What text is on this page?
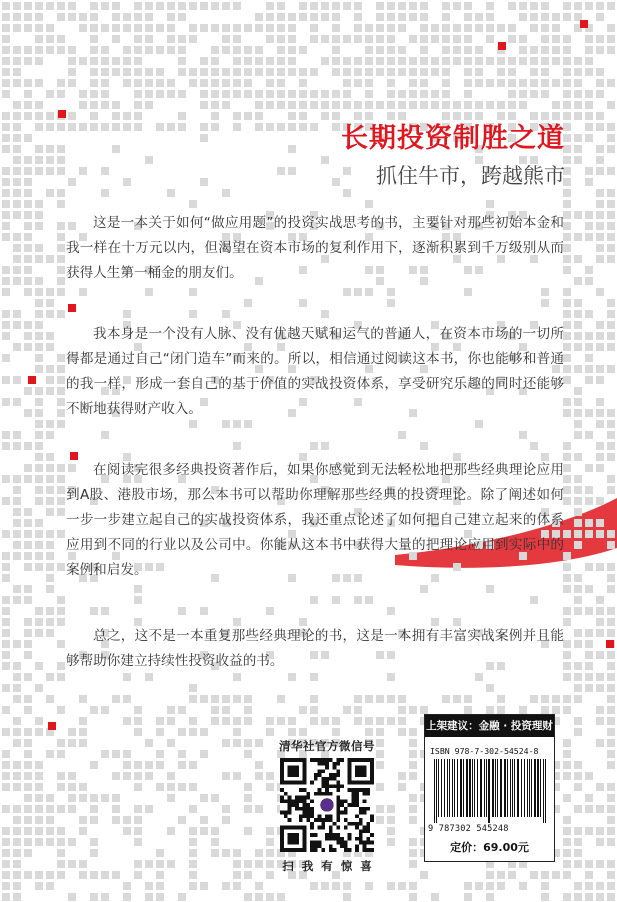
长期投资制胜之道
抓住牛市，跨越熊市

这是一本关于如何“做应用题”的投资实战思考的书，主要针对那些初始本金和我一样在十万元以内，但渴望在资本市场的复利作用下，逐渐积累到千万级别从而获得人生第一桶金的朋友们。

我本身是一个没有人脉、没有优越天赋和运气的普通人，在资本市场的一切所得都是通过自己“闭门造车”而来的。所以，相信通过阅读这本书，你也能够和普通的我一样，形成一套自己的基于价值的实战投资体系，享受研究乐趣的同时还能够不断地获得财产收入。

在阅读完很多经典投资著作后，如果你感觉到无法轻松地把那些经典理论应用到A股、港股市场，那么本书可以帮助你理解那些经典的投资理论。除了阐述如何一步一步建立起自己的实战投资体系，我还重点论述了如何把自己建立起来的体系应用到不同的行业以及公司中。你能从这本书中获得大量的把理论应用到实际中的案例和启发。

总之，这不是一本重复那些经典理论的书，这是一本拥有丰富实战案例并且能够帮助你建立持续性投资收益的书。

清华社官方微信号
扫我有惊喜
上架建议：金融 · 投资理财
ISBN 978-7-302-54524-8
9 787302 545248
定价：69.00元
